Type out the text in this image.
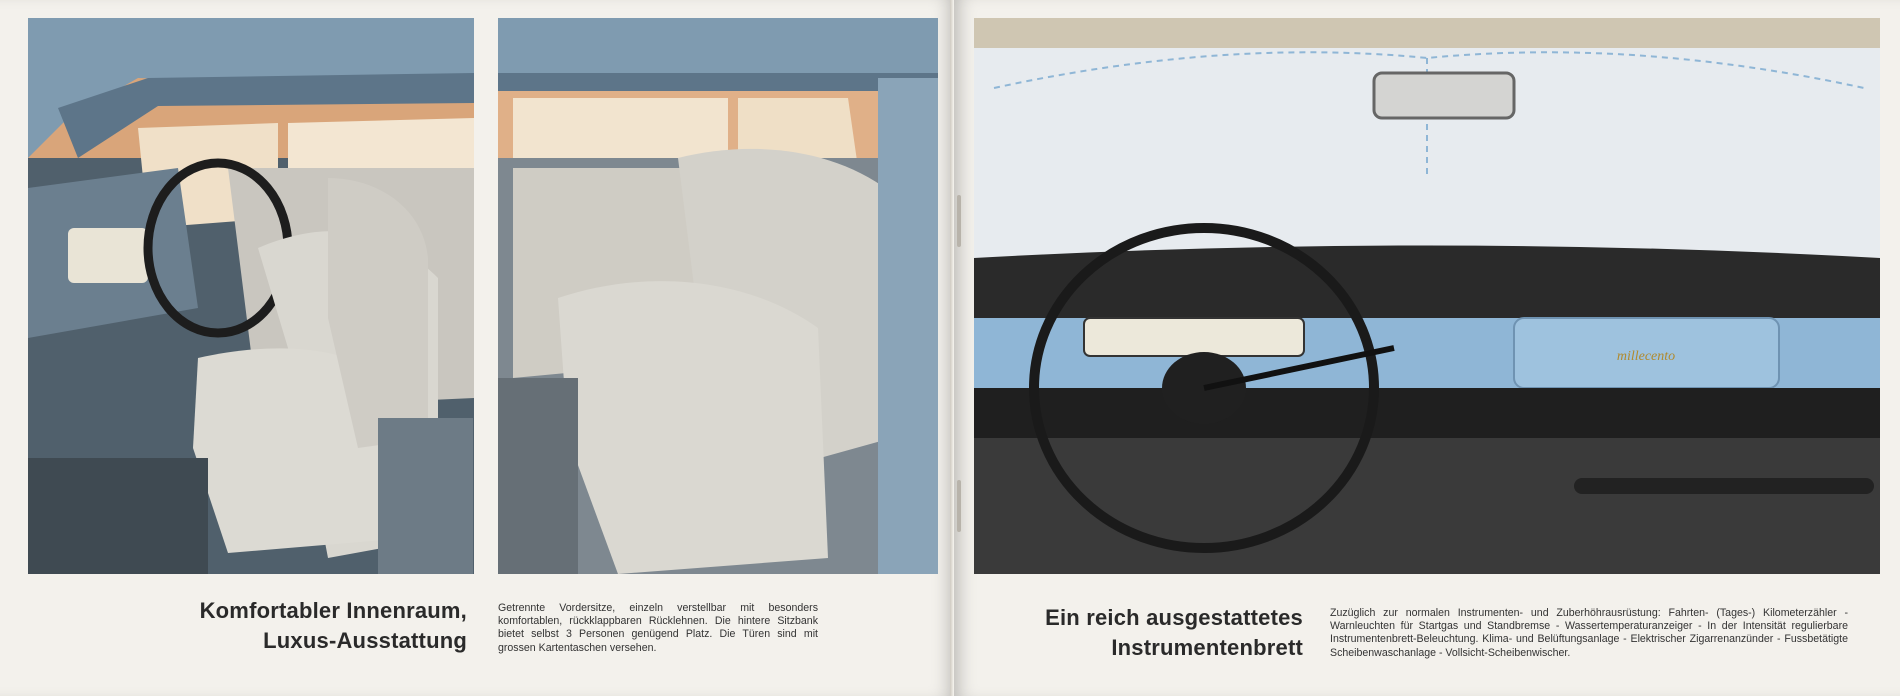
Komfortabler Innenraum,
Luxus-Ausstattung
Getrennte Vordersitze, einzeln verstellbar mit besonders komfortablen, rückklappbaren Rücklehnen. Die hintere Sitzbank bietet selbst 3 Personen genügend Platz. Die Türen sind mit grossen Kartentaschen versehen.
millecento
Ein reich ausgestattetes
Instrumentenbrett
Zuzüglich zur normalen Instrumenten- und Zuberhöhrausrüstung: Fahrten- (Tages-) Kilometerzähler - Warnleuchten für Startgas und Standbremse - Wassertemperaturanzeiger - In der Intensität regulierbare Instrumentenbrett-Beleuchtung. Klima- und Belüftungsanlage - Elektrischer Zigarrenanzünder - Fussbetätigte Scheibenwaschanlage - Vollsicht-Scheibenwischer.
